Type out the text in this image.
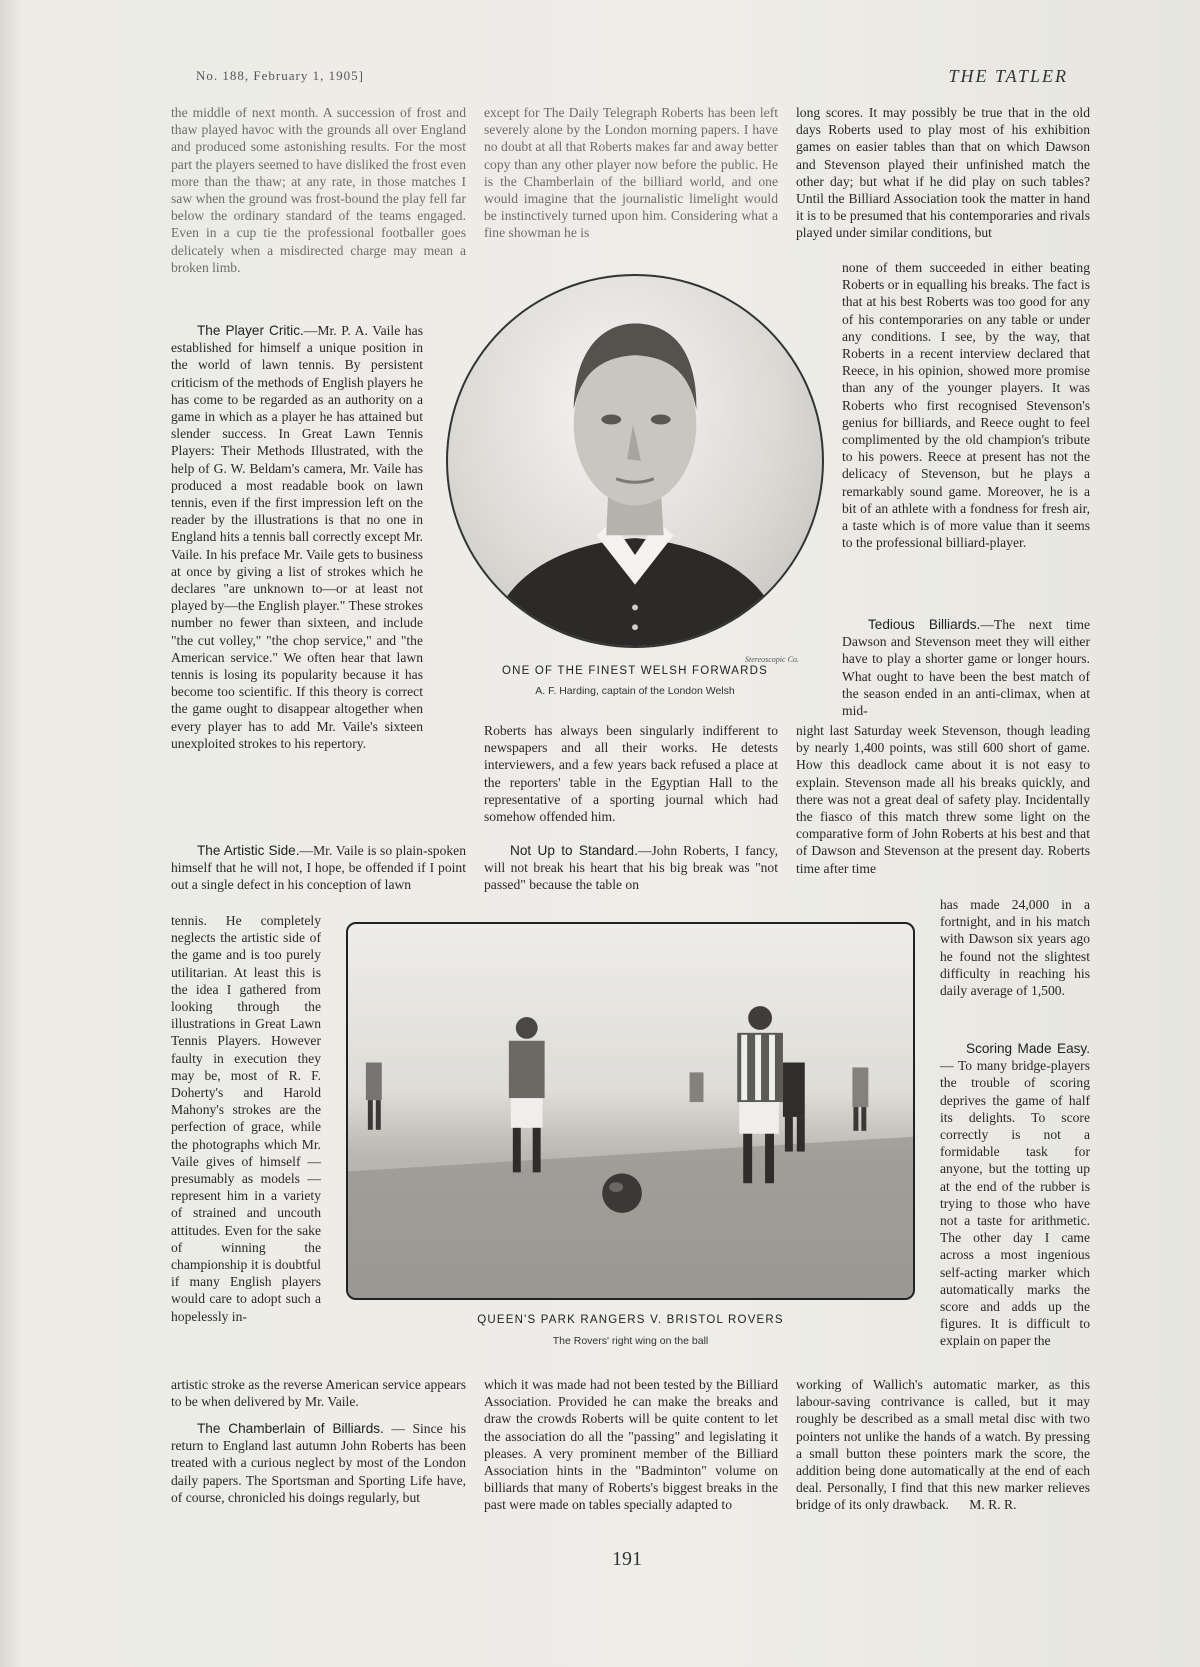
No. 188, February 1, 1905]	THE TATLER

the middle of next month. A succession of frost and thaw played havoc with the grounds all over England and produced some astonishing results. For the most part the players seemed to have disliked the frost even more than the thaw; at any rate, in those matches I saw when the ground was frost-bound the play fell far below the ordinary standard of the teams engaged. Even in a cup tie the professional footballer goes delicately when a misdirected charge may mean a broken limb.

The Player Critic.—Mr. P. A. Vaile has established for himself a unique position in the world of lawn tennis. By persistent criticism of the methods of English players he has come to be regarded as an authority on a game in which as a player he has attained but slender success. In Great Lawn Tennis Players: Their Methods Illustrated, with the help of G. W. Beldam's camera, Mr. Vaile has produced a most readable book on lawn tennis, even if the first impression left on the reader by the illustrations is that no one in England hits a tennis ball correctly except Mr. Vaile. In his preface Mr. Vaile gets to business at once by giving a list of strokes which he declares "are unknown to—or at least not played by—the English player." These strokes number no fewer than sixteen, and include "the cut volley," "the chop service," and "the American service." We often hear that lawn tennis is losing its popularity because it has become too scientific. If this theory is correct the game ought to disappear altogether when every player has to add Mr. Vaile's sixteen unexploited strokes to his repertory.

The Artistic Side.—Mr. Vaile is so plain-spoken himself that he will not, I hope, be offended if I point out a single defect in his conception of lawn

tennis. He completely neglects the artistic side of the game and is too purely utilitarian. At least this is the idea I gathered from looking through the illustrations in Great Lawn Tennis Players. However faulty in execution they may be, most of R. F. Doherty's and Harold Mahony's strokes are the perfection of grace, while the photographs which Mr. Vaile gives of himself — presumably as models — represent him in a variety of strained and uncouth attitudes. Even for the sake of winning the championship it is doubtful if many English players would care to adopt such a hopelessly in-

artistic stroke as the reverse American service appears to be when delivered by Mr. Vaile.

The Chamberlain of Billiards. — Since his return to England last autumn John Roberts has been treated with a curious neglect by most of the London daily papers. The Sportsman and Sporting Life have, of course, chronicled his doings regularly, but

except for The Daily Telegraph Roberts has been left severely alone by the London morning papers. I have no doubt at all that Roberts makes far and away better copy than any other player now before the public. He is the Chamberlain of the billiard world, and one would imagine that the journalistic limelight would be instinctively turned upon him. Considering what a fine showman he is

Stereoscopic Co.
ONE OF THE FINEST WELSH FORWARDS
A. F. Harding, captain of the London Welsh

Roberts has always been singularly indifferent to newspapers and all their works. He detests interviewers, and a few years back refused a place at the reporters' table in the Egyptian Hall to the representative of a sporting journal which had somehow offended him.

Not Up to Standard.—John Roberts, I fancy, will not break his heart that his big break was "not passed" because the table on

which it was made had not been tested by the Billiard Association. Provided he can make the breaks and draw the crowds Roberts will be quite content to let the association do all the "passing" and legislating it pleases. A very prominent member of the Billiard Association hints in the "Badminton" volume on billiards that many of Roberts's biggest breaks in the past were made on tables specially adapted to

QUEEN'S PARK RANGERS V. BRISTOL ROVERS
The Rovers' right wing on the ball

long scores. It may possibly be true that in the old days Roberts used to play most of his exhibition games on easier tables than that on which Dawson and Stevenson played their unfinished match the other day; but what if he did play on such tables? Until the Billiard Association took the matter in hand it is to be presumed that his contemporaries and rivals played under similar conditions, but

none of them succeeded in either beating Roberts or in equalling his breaks. The fact is that at his best Roberts was too good for any of his contemporaries on any table or under any conditions. I see, by the way, that Roberts in a recent interview declared that Reece, in his opinion, showed more promise than any of the younger players. It was Roberts who first recognised Stevenson's genius for billiards, and Reece ought to feel complimented by the old champion's tribute to his powers. Reece at present has not the delicacy of Stevenson, but he plays a remarkably sound game. Moreover, he is a bit of an athlete with a fondness for fresh air, a taste which is of more value than it seems to the professional billiard-player.

Tedious Billiards.—The next time Dawson and Stevenson meet they will either have to play a shorter game or longer hours. What ought to have been the best match of the season ended in an anti-climax, when at mid-

night last Saturday week Stevenson, though leading by nearly 1,400 points, was still 600 short of game. How this deadlock came about it is not easy to explain. Stevenson made all his breaks quickly, and there was not a great deal of safety play. Incidentally the fiasco of this match threw some light on the comparative form of John Roberts at his best and that of Dawson and Stevenson at the present day. Roberts time after time

has made 24,000 in a fortnight, and in his match with Dawson six years ago he found not the slightest difficulty in reaching his daily average of 1,500.

Scoring Made Easy.— To many bridge-players the trouble of scoring deprives the game of half its delights. To score correctly is not a formidable task for anyone, but the totting up at the end of the rubber is trying to those who have not a taste for arithmetic. The other day I came across a most ingenious self-acting marker which automatically marks the score and adds up the figures. It is difficult to explain on paper the

working of Wallich's automatic marker, as this labour-saving contrivance is called, but it may roughly be described as a small metal disc with two pointers not unlike the hands of a watch. By pressing a small button these pointers mark the score, the addition being done automatically at the end of each deal. Personally, I find that this new marker relieves bridge of its only drawback. M. R. R.

191
